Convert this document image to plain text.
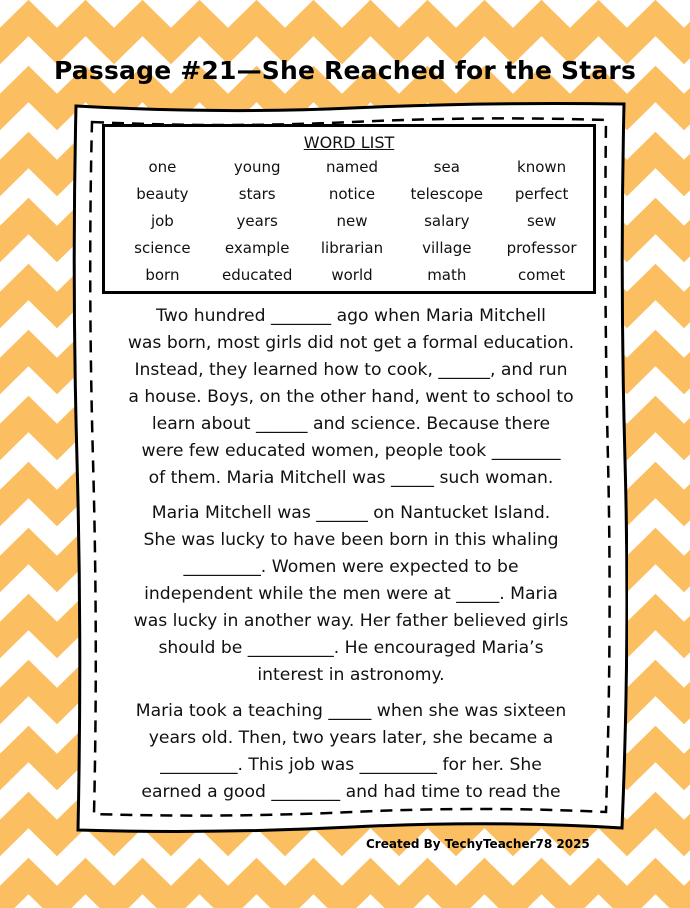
Passage #21—She Reached for the Stars
WORD LIST
one	young	named	sea	known
beauty	stars	notice	telescope	perfect
job	years	new	salary	sew
science	example	librarian	village	professor
born	educated	world	math	comet
Two hundred _______ ago when Maria Mitchell
was born, most girls did not get a formal education.
Instead, they learned how to cook, ______, and run
a house. Boys, on the other hand, went to school to
learn about ______ and science. Because there
were few educated women, people took ________
of them. Maria Mitchell was _____ such woman.
Maria Mitchell was ______ on Nantucket Island.
She was lucky to have been born in this whaling
_________. Women were expected to be
independent while the men were at _____. Maria
was lucky in another way. Her father believed girls
should be __________. He encouraged Maria’s
interest in astronomy.
Maria took a teaching _____ when she was sixteen
years old. Then, two years later, she became a
_________. This job was _________ for her. She
earned a good ________ and had time to read the
Created By TechyTeacher78 2025
